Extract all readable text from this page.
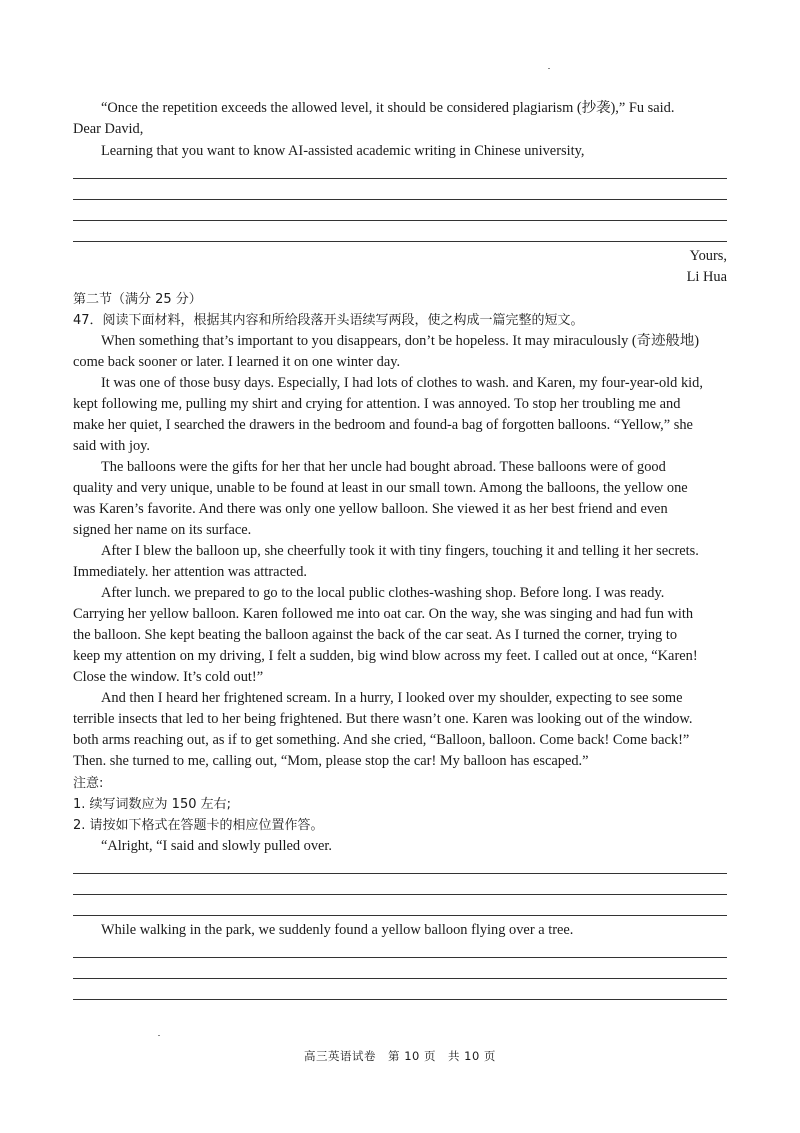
“Once the repetition exceeds the allowed level, it should be considered plagiarism (抄袭),” Fu said.
Dear David,
Learning that you want to know AI-assisted academic writing in Chinese university,
Yours,
Li Hua
第二节（满分 25 分）
47．阅读下面材料，根据其内容和所给段落开头语续写两段，使之构成一篇完整的短文。
When something that’s important to you disappears, don’t be hopeless. It may miraculously (奇迹般地)
come back sooner or later. I learned it on one winter day.
It was one of those busy days. Especially, I had lots of clothes to wash. and Karen, my four-year-old kid,
kept following me, pulling my shirt and crying for attention. I was annoyed. To stop her troubling me and
make her quiet, I searched the drawers in the bedroom and found-a bag of forgotten balloons. “Yellow,” she
said with joy.
The balloons were the gifts for her that her uncle had bought abroad. These balloons were of good
quality and very unique, unable to be found at least in our small town. Among the balloons, the yellow one
was Karen’s favorite. And there was only one yellow balloon. She viewed it as her best friend and even
signed her name on its surface.
After I blew the balloon up, she cheerfully took it with tiny fingers, touching it and telling it her secrets.
Immediately. her attention was attracted.
After lunch. we prepared to go to the local public clothes-washing shop. Before long. I was ready.
Carrying her yellow balloon. Karen followed me into oat car. On the way, she was singing and had fun with
the balloon. She kept beating the balloon against the back of the car seat. As I turned the corner, trying to
keep my attention on my driving, I felt a sudden, big wind blow across my feet. I called out at once, “Karen!
Close the window. It’s cold out!”
And then I heard her frightened scream. In a hurry, I looked over my shoulder, expecting to see some
terrible insects that led to her being frightened. But there wasn’t one. Karen was looking out of the window.
both arms reaching out, as if to get something. And she cried, “Balloon, balloon. Come back! Come back!”
Then. she turned to me, calling out, “Mom, please stop the car! My balloon has escaped.”
注意:
1. 续写词数应为 150 左右;
2. 请按如下格式在答题卡的相应位置作答。
“Alright, “I said and slowly pulled over.
While walking in the park, we suddenly found a yellow balloon flying over a tree.
高三英语试卷　第 10 页　共 10 页
